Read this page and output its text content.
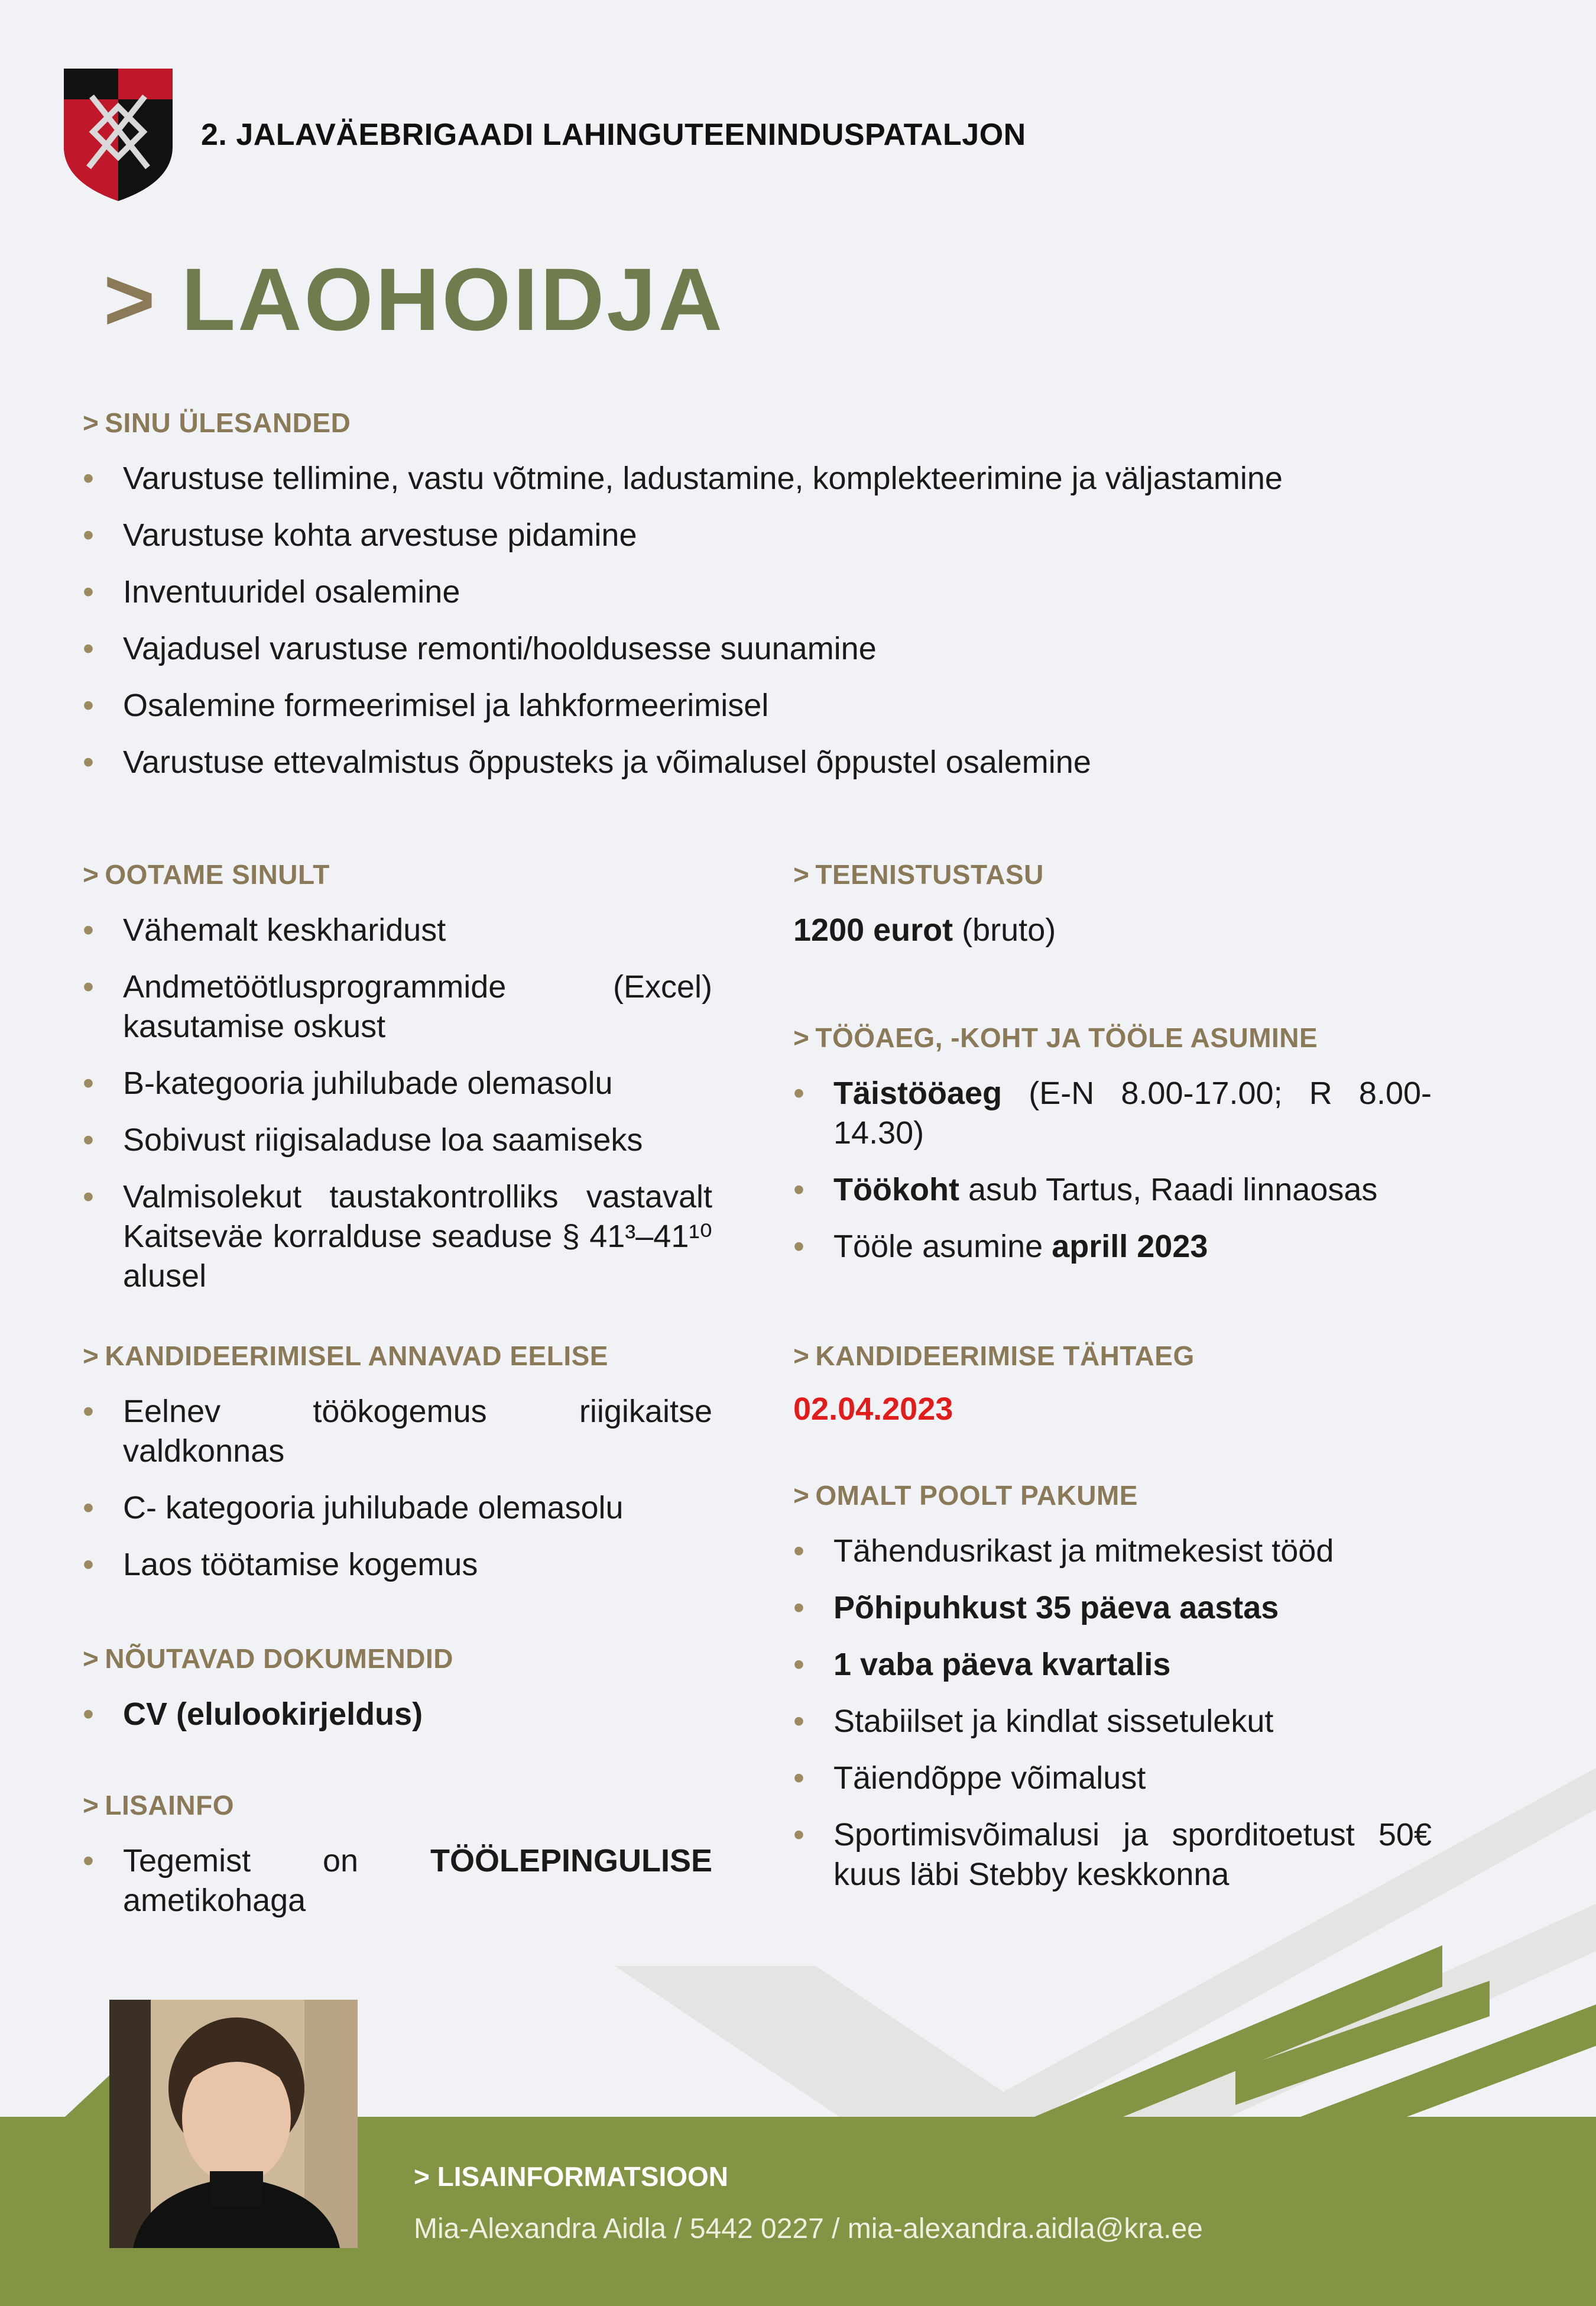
2. JALAVÄEBRIGAADI LAHINGUTEENINDUSPATALJON
> LAOHOIDJA
> SINU ÜLESANDED
• Varustuse tellimine, vastu võtmine, ladustamine, komplekteerimine ja väljastamine
• Varustuse kohta arvestuse pidamine
• Inventuuridel osalemine
• Vajadusel varustuse remonti/hooldusesse suunamine
• Osalemine formeerimisel ja lahkformeerimisel
• Varustuse ettevalmistus õppusteks ja võimalusel õppustel osalemine
> OOTAME SINULT
• Vähemalt keskharidust
• Andmetöötlusprogrammide (Excel) kasutamise oskust
• B-kategooria juhilubade olemasolu
• Sobivust riigisaladuse loa saamiseks
• Valmisolekut taustakontrolliks vastavalt Kaitseväe korralduse seaduse § 41³–41¹⁰ alusel
> TEENISTUSTASU
1200 eurot (bruto)
> TÖÖAEG, -KOHT JA TÖÖLE ASUMINE
• Täistööaeg (E-N 8.00-17.00; R 8.00-14.30)
• Töökoht asub Tartus, Raadi linnaosas
• Tööle asumine aprill 2023
> KANDIDEERIMISEL ANNAVAD EELISE
• Eelnev töökogemus riigikaitse valdkonnas
• C- kategooria juhilubade olemasolu
• Laos töötamise kogemus
> KANDIDEERIMISE TÄHTAEG
02.04.2023
> OMALT POOLT PAKUME
• Tähendusrikast ja mitmekesist tööd
• Põhipuhkust 35 päeva aastas
• 1 vaba päeva kvartalis
• Stabiilset ja kindlat sissetulekut
• Täiendõppe võimalust
• Sportimisvõimalusi ja sporditoetust 50€ kuus läbi Stebby keskkonna
> NÕUTAVAD DOKUMENDID
• CV (elulookirjeldus)
> LISAINFO
• Tegemist on TÖÖLEPINGULISE ametikohaga
> LISAINFORMATSIOON
Mia-Alexandra Aidla / 5442 0227 / mia-alexandra.aidla@kra.ee
